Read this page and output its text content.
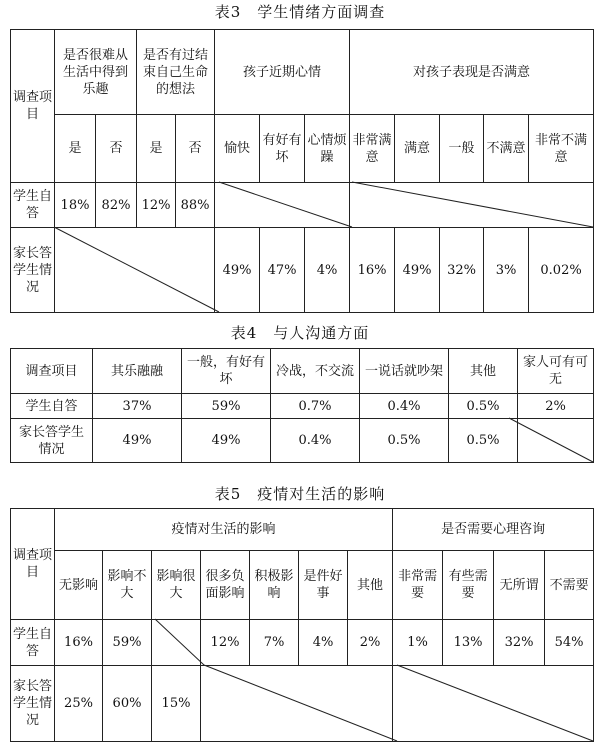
表3　学生情绪方面调查
调查项目	是否很难从生活中得到乐趣		是否有过结束自己生命的想法		孩子近期心情			对孩子表现是否满意				
	是	否	是	否	愉快	有好有坏	心情烦躁	非常满意	满意	一般	不满意	非常不满意
学生自答	18%	82%	12%	88%								
家长答学生情况					49%	47%	4%	16%	49%	32%	3%	0.02%
表4　与人沟通方面
调查项目	其乐融融	一般，有好有坏	冷战，不交流	一说话就吵架	其他	家人可有可无
学生自答	37%	59%	0.7%	0.4%	0.5%	2%
家长答学生情况	49%	49%	0.4%	0.5%	0.5%	
表5　疫情对生活的影响
调查项目	疫情对生活的影响							是否需要心理咨询			
	无影响	影响不大	影响很大	很多负面影响	积极影响	是件好事	其他	非常需要	有些需要	无所谓	不需要
学生自答	16%	59%		12%	7%	4%	2%	1%	13%	32%	54%
家长答学生情况	25%	60%	15%								
